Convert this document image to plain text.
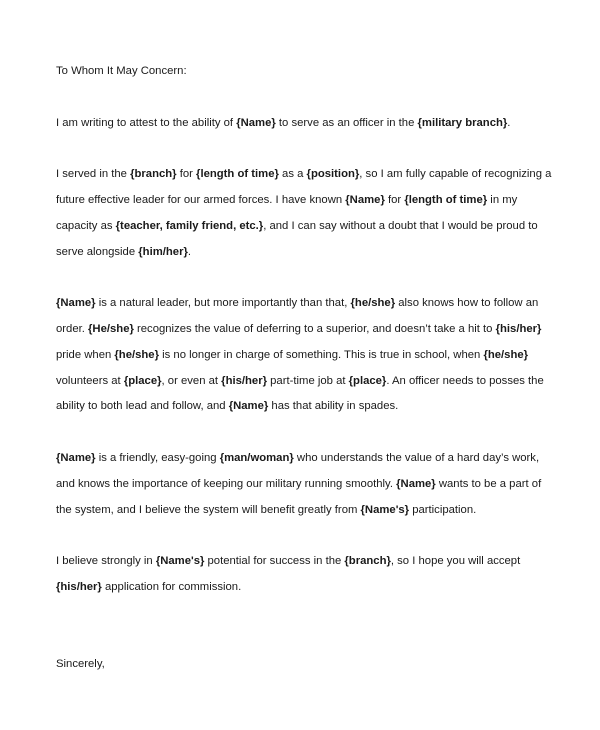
To Whom It May Concern:
I am writing to attest to the ability of {Name} to serve as an officer in the {military branch}.
I served in the {branch} for {length of time} as a {position}, so I am fully capable of recognizing a
future effective leader for our armed forces. I have known {Name} for {length of time} in my
capacity as {teacher, family friend, etc.}, and I can say without a doubt that I would be proud to
serve alongside {him/her}.
{Name} is a natural leader, but more importantly than that, {he/she} also knows how to follow an
order. {He/she} recognizes the value of deferring to a superior, and doesn’t take a hit to {his/her}
pride when {he/she} is no longer in charge of something. This is true in school, when {he/she}
volunteers at {place}, or even at {his/her} part-time job at {place}. An officer needs to posses the
ability to both lead and follow, and {Name} has that ability in spades.
{Name} is a friendly, easy-going {man/woman} who understands the value of a hard day’s work,
and knows the importance of keeping our military running smoothly. {Name} wants to be a part of
the system, and I believe the system will benefit greatly from {Name's} participation.
I believe strongly in {Name's} potential for success in the {branch}, so I hope you will accept
{his/her} application for commission.
Sincerely,
